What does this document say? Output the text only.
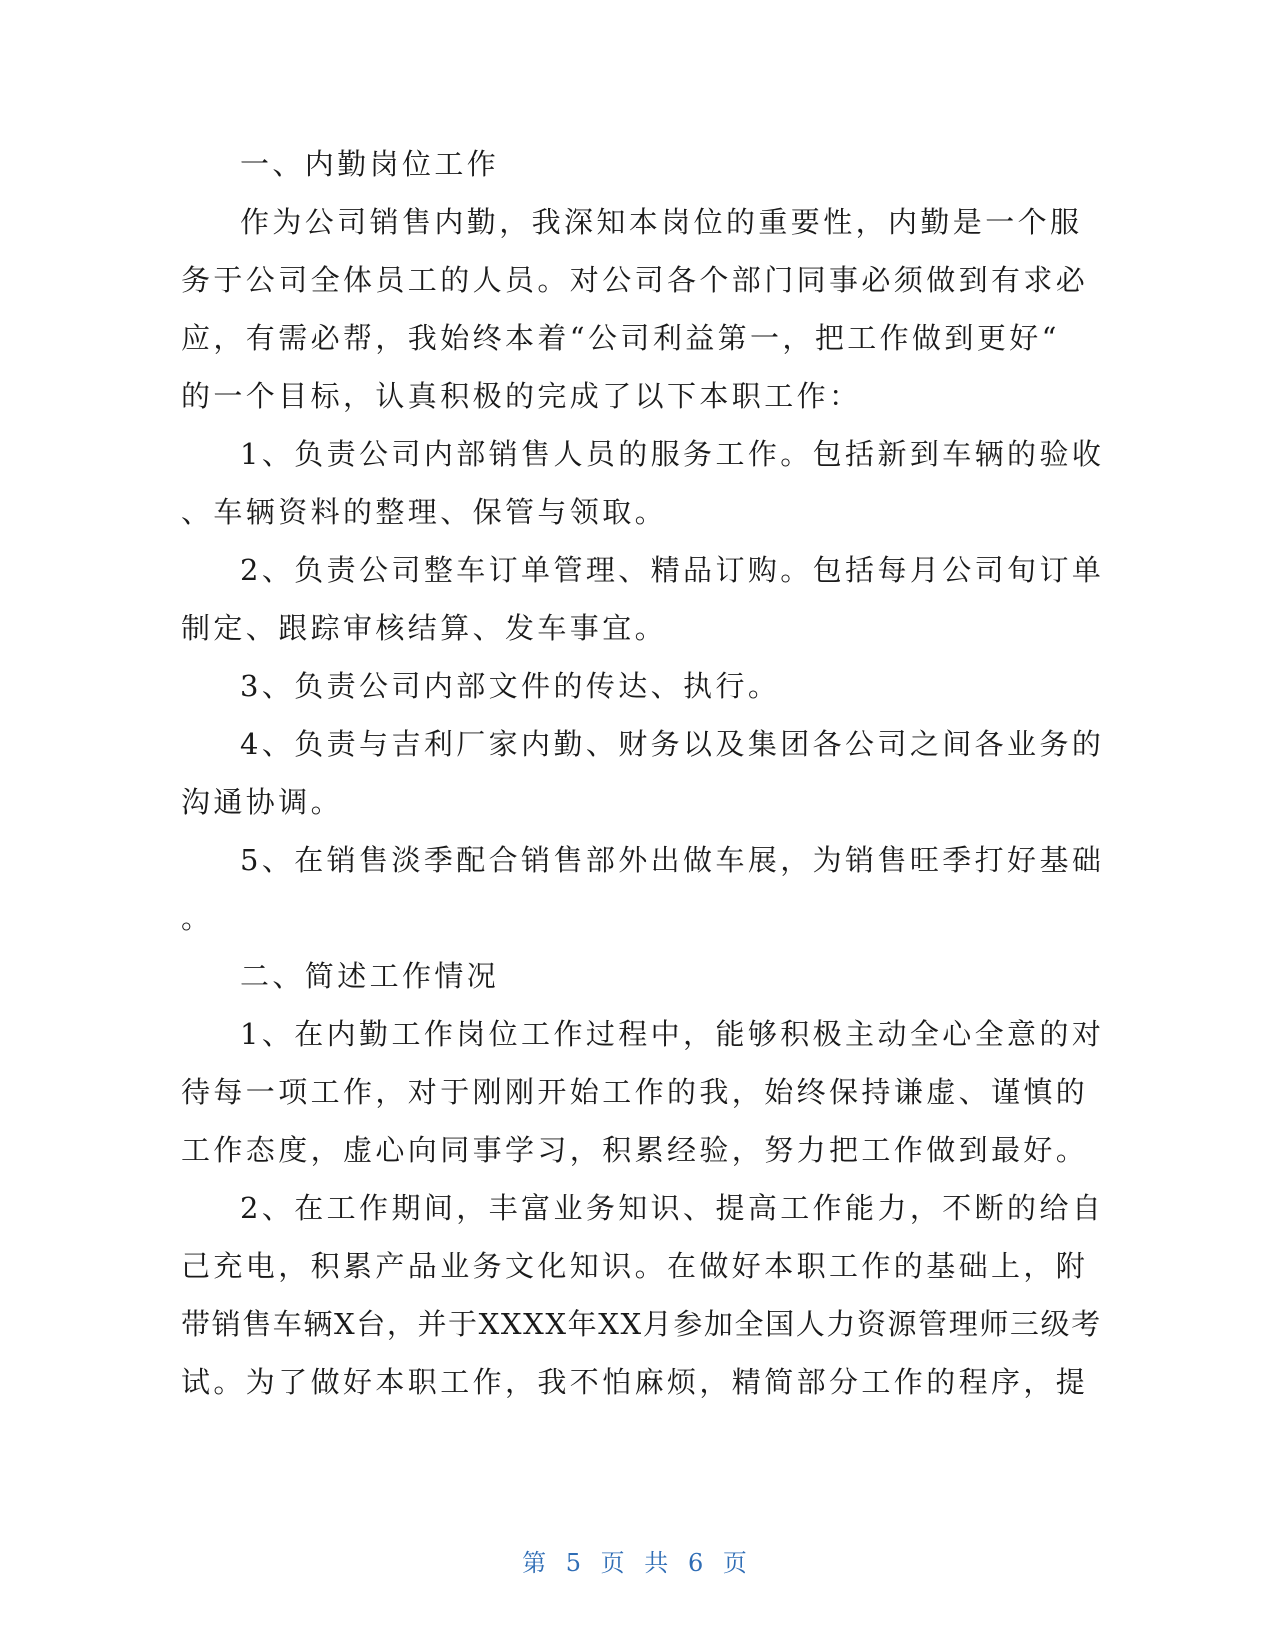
一、内勤岗位工作
作为公司销售内勤，我深知本岗位的重要性，内勤是一个服
务于公司全体员工的人员。对公司各个部门同事必须做到有求必
应，有需必帮，我始终本着“公司利益第一，把工作做到更好“
的一个目标，认真积极的完成了以下本职工作：
1、负责公司内部销售人员的服务工作。包括新到车辆的验收
、车辆资料的整理、保管与领取。
2、负责公司整车订单管理、精品订购。包括每月公司旬订单
制定、跟踪审核结算、发车事宜。
3、负责公司内部文件的传达、执行。
4、负责与吉利厂家内勤、财务以及集团各公司之间各业务的
沟通协调。
5、在销售淡季配合销售部外出做车展，为销售旺季打好基础
。
二、简述工作情况
1、在内勤工作岗位工作过程中，能够积极主动全心全意的对
待每一项工作，对于刚刚开始工作的我，始终保持谦虚、谨慎的
工作态度，虚心向同事学习，积累经验，努力把工作做到最好。
2、在工作期间，丰富业务知识、提高工作能力，不断的给自
己充电，积累产品业务文化知识。在做好本职工作的基础上，附
带销售车辆X台，并于XXXX年XX月参加全国人力资源管理师三级考
试。为了做好本职工作，我不怕麻烦，精简部分工作的程序，提
第 5 页 共 6 页
